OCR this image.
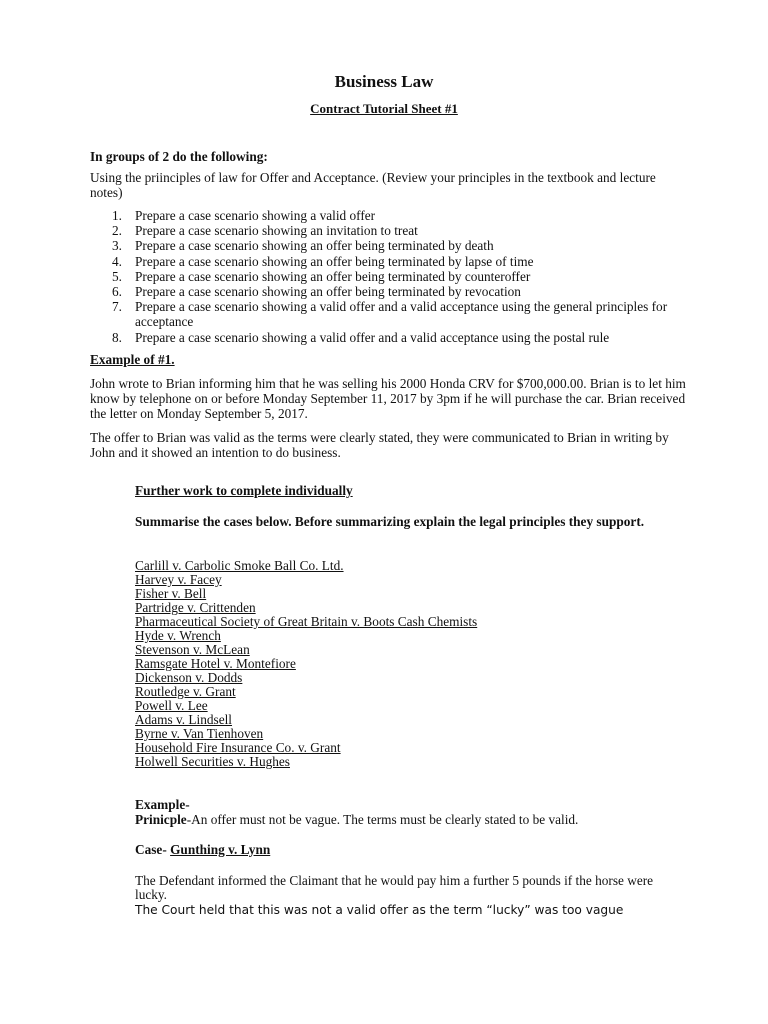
Business Law
Contract Tutorial Sheet #1
In groups of 2 do the following:
Using the priinciples of law for Offer and Acceptance. (Review your principles in the textbook and lecture notes)
1. Prepare a case scenario showing a valid offer
2. Prepare a case scenario showing an invitation to treat
3. Prepare a case scenario showing an offer being terminated by death
4. Prepare a case scenario showing an offer being terminated by lapse of time
5. Prepare a case scenario showing an offer being terminated by counteroffer
6. Prepare a case scenario showing an offer being terminated by revocation
7. Prepare a case scenario showing a valid offer and a valid acceptance using the general principles for acceptance
8. Prepare a case scenario showing a valid offer and a valid acceptance using the postal rule
Example of #1.
John wrote to Brian informing him that he was selling his 2000 Honda CRV for $700,000.00. Brian is to let him know by telephone on or before Monday September 11, 2017 by 3pm if he will purchase the car. Brian received the letter on Monday September 5, 2017.
The offer to Brian was valid as the terms were clearly stated, they were communicated to Brian in writing by John and it showed an intention to do business.
Further work to complete individually
Summarise the cases below. Before summarizing explain the legal principles they support.
Carlill v. Carbolic Smoke Ball Co. Ltd.
Harvey v. Facey
Fisher v. Bell
Partridge v. Crittenden
Pharmaceutical Society of Great Britain v. Boots Cash Chemists
Hyde v. Wrench
Stevenson v. McLean
Ramsgate Hotel v. Montefiore
Dickenson v. Dodds
Routledge v. Grant
Powell v. Lee
Adams v. Lindsell
Byrne v. Van Tienhoven
Household Fire Insurance Co. v. Grant
Holwell Securities v. Hughes
Example-
Prinicple-An offer must not be vague. The terms must be clearly stated to be valid.
Case- Gunthing v. Lynn
The Defendant informed the Claimant that he would pay him a further 5 pounds if the horse were lucky.
The Court held that this was not a valid offer as the term “lucky” was too vague
